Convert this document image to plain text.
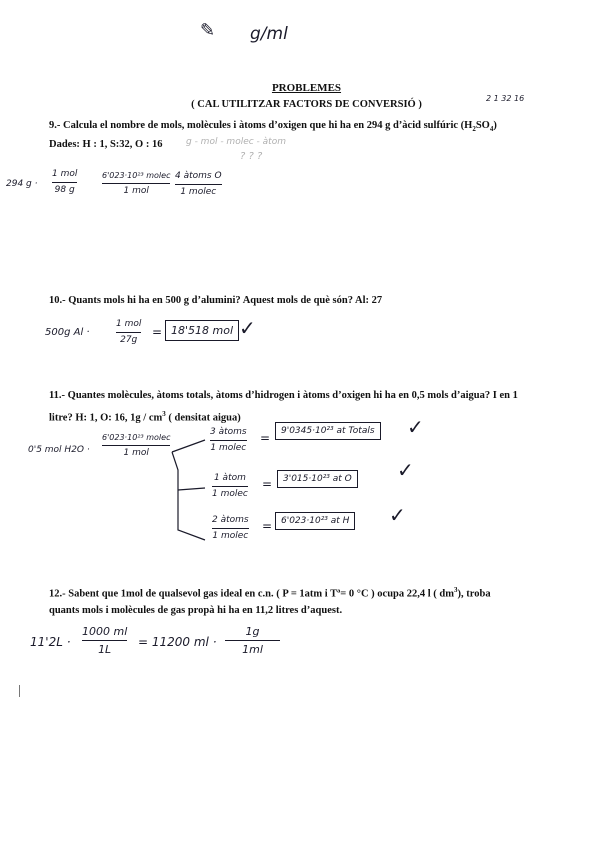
✎ g/ml

PROBLEMES

( CAL UTILITZAR FACTORS DE CONVERSIÓ )

2 1 32 16

9.- Calcula el nombre de mols, molècules i àtoms d’oxigen que hi ha en 294 g d’àcid sulfúric $(H_2SO_4)$

Dades: H : 1, S:32, O : 16	g - mol - molec - àtom
? ? ?
294 g ·
1 mol
98 g
6'023·10²³ molec
1 mol
4 àtoms O
1 molec

10.- Quants mols hi ha en 500 g d’alumini? Aquest mols de què són? Al: 27

500g Al ·
1 mol
27g
= 18'518 mol ✓

11.- Quantes molècules, àtoms totals, àtoms d’hidrogen i àtoms d’oxigen hi ha en 0,5 mols d’aigua? I en 1

litre? H: 1, O: 16, $1g / cm^3$ ( densitat aigua)

0'5 mol H2O ·
6'023·10²³ molec
1 mol
3 àtoms
1 molec
=	9'0345·10²³ at Totals	✓
1 àtom
1 molec
=	3'015·10²³ at O	✓
2 àtoms
1 molec
= 6'023·10²³ at H	✓

12.- Sabent que 1mol de qualsevol gas ideal en c.n. ( P = 1atm i Tª= 0 °C ) ocupa 22,4 l ( $dm^3$), troba

quants mols i molècules de gas propà hi ha en 11,2 litres d’aquest.

11'2L ·
1000 ml
1L
= 11200 ml ·
1g
1ml
